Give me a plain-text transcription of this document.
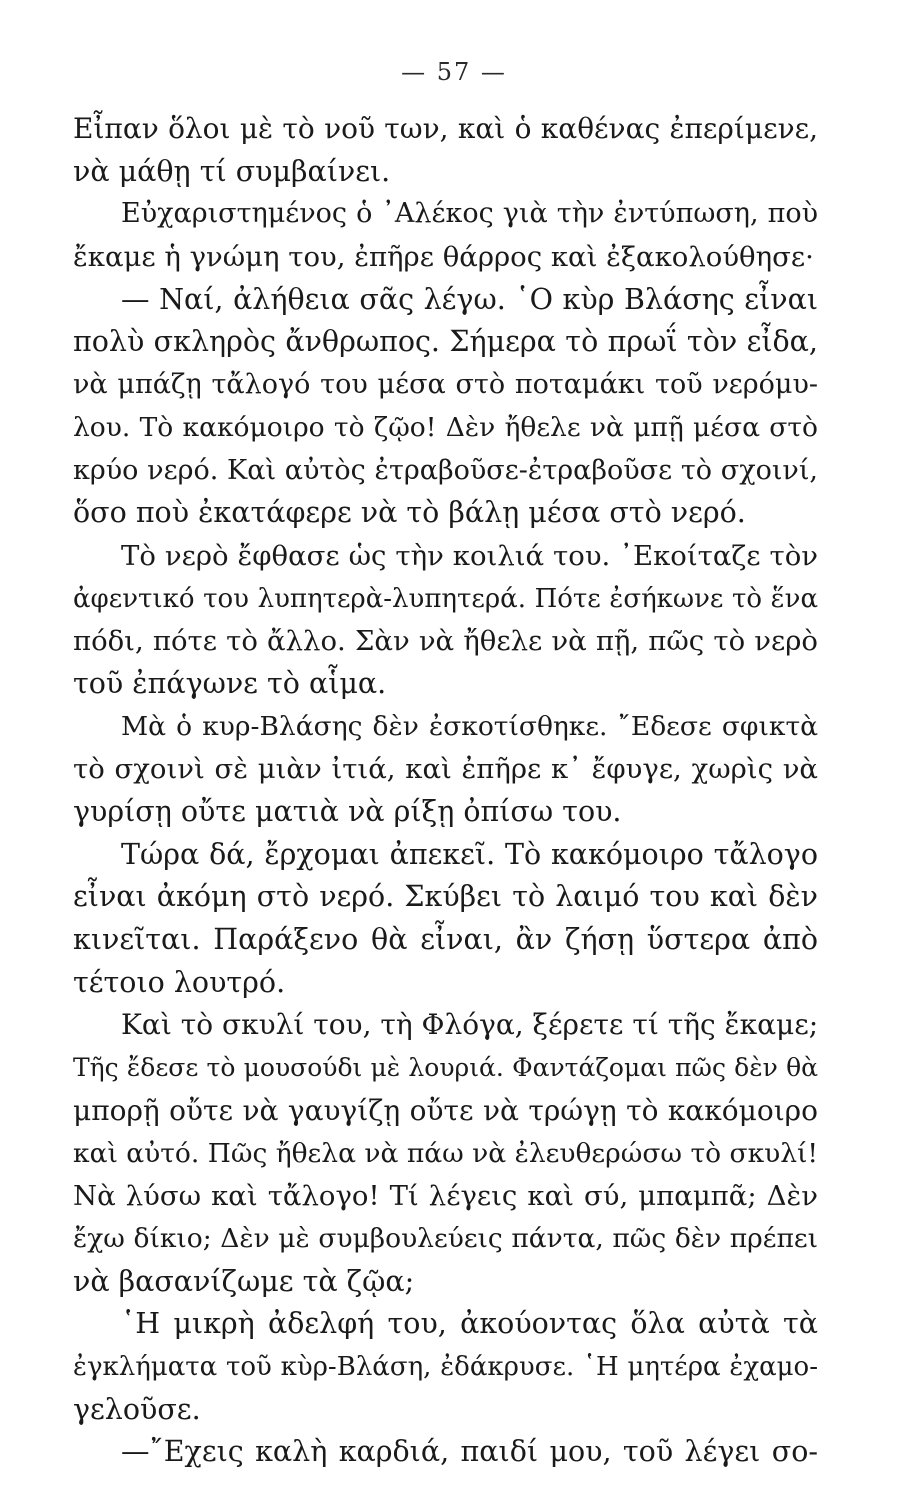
— 57 —
Εἶπαν ὅλοι μὲ τὸ νοῦ των, καὶ ὁ καθένας ἐπερίμενε,
νὰ μάθῃ τί συμβαίνει.
Εὐχαριστημένος ὁ ᾿Αλέκος γιὰ τὴν ἐντύπωση, ποὺ
ἔκαμε ἡ γνώμη του, ἐπῆρε θάρρος καὶ ἐξακολούθησε·
— Ναί, ἀλήθεια σᾶς λέγω. ῾Ο κὺρ Βλάσης εἶναι
πολὺ σκληρὸς ἄνθρωπος. Σήμερα τὸ πρωΐ τὸν εἶδα,
νὰ μπάζῃ τἄλογό του μέσα στὸ ποταμάκι τοῦ νερόμυ-
λου. Τὸ κακόμοιρο τὸ ζῷο! Δὲν ἤθελε νὰ μπῇ μέσα στὸ
κρύο νερό. Καὶ αὐτὸς ἐτραβοῦσε-ἐτραβοῦσε τὸ σχοινί,
ὅσο ποὺ ἐκατάφερε νὰ τὸ βάλῃ μέσα στὸ νερό.
Τὸ νερὸ ἔφθασε ὡς τὴν κοιλιά του. ᾿Εκοίταζε τὸν
ἀφεντικό του λυπητερὰ-λυπητερά. Πότε ἐσήκωνε τὸ ἕνα
πόδι, πότε τὸ ἄλλο. Σὰν νὰ ἤθελε νὰ πῇ, πῶς τὸ νερὸ
τοῦ ἐπάγωνε τὸ αἷμα.
Μὰ ὁ κυρ-Βλάσης δὲν ἐσκοτίσθηκε. ῎Εδεσε σφικτὰ
τὸ σχοινὶ σὲ μιὰν ἰτιά, καὶ ἐπῆρε κ᾿ ἔφυγε, χωρὶς νὰ
γυρίσῃ οὔτε ματιὰ νὰ ρίξῃ ὀπίσω του.
Τώρα δά, ἔρχομαι ἀπεκεῖ. Τὸ κακόμοιρο τἄλογο
εἶναι ἀκόμη στὸ νερό. Σκύβει τὸ λαιμό του καὶ δὲν
κινεῖται. Παράξενο θὰ εἶναι, ἂν ζήσῃ ὕστερα ἀπὸ
τέτοιο λουτρό.
Καὶ τὸ σκυλί του, τὴ Φλόγα, ξέρετε τί τῆς ἔκαμε;
Τῆς ἔδεσε τὸ μουσούδι μὲ λουριά. Φαντάζομαι πῶς δὲν θὰ
μπορῇ οὔτε νὰ γαυγίζῃ οὔτε νὰ τρώγῃ τὸ κακόμοιρο
καὶ αὐτό. Πῶς ἤθελα νὰ πάω νὰ ἐλευθερώσω τὸ σκυλί!
Νὰ λύσω καὶ τἄλογο! Τί λέγεις καὶ σύ, μπαμπᾶ; Δὲν
ἔχω δίκιο; Δὲν μὲ συμβουλεύεις πάντα, πῶς δὲν πρέπει
νὰ βασανίζωμε τὰ ζῷα;
῾Η μικρὴ ἀδελφή του, ἀκούοντας ὅλα αὐτὰ τὰ
ἐγκλήματα τοῦ κὺρ-Βλάση, ἐδάκρυσε. ῾Η μητέρα ἐχαμο-
γελοῦσε.
—῎Εχεις καλὴ καρδιά, παιδί μου, τοῦ λέγει σο-
